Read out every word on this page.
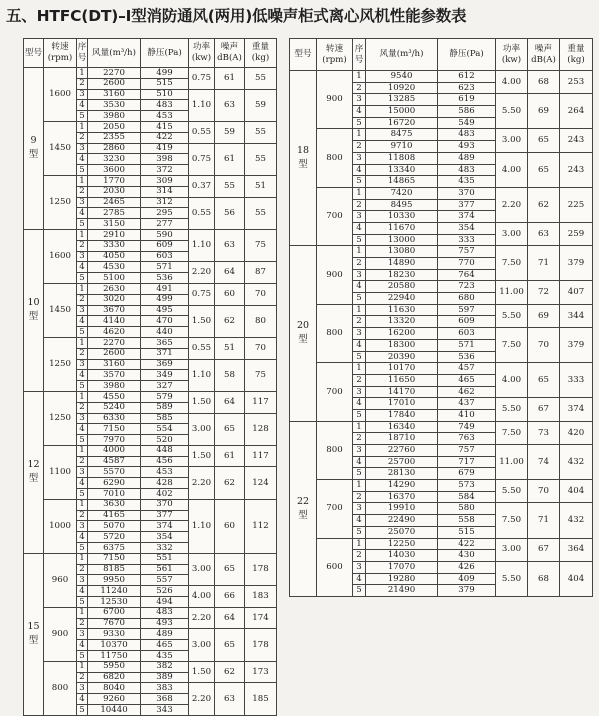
五、HTFC(DT)–Ⅰ型消防通风(两用)低噪声柜式离心风机性能参数表
型号	转速
(rpm)	序
号	风量(m³/h)	静压(Pa)	功率
(kw)	噪声
dB(A)	重量
(kg)
9
型	1600	1	2270	499	0.75	61	55
		2	2600	515			
		3	3160	510	1.10	63	59
		4	3530	483			
		5	3980	453			
	1450	1	2050	415	0.55	59	55
		2	2355	422			
		3	2860	419	0.75	61	55
		4	3230	398			
		5	3600	372			
	1250	1	1770	309	0.37	55	51
		2	2030	314			
		3	2465	312	0.55	56	55
		4	2785	295			
		5	3150	277			
10
型	1600	1	2910	590	1.10	63	75
		2	3330	609			
		3	4050	603			
		4	4530	571	2.20	64	87
		5	5100	536			
	1450	1	2630	491	0.75	60	70
		2	3020	499			
		3	3670	495	1.50	62	80
		4	4140	470			
		5	4620	440			
	1250	1	2270	365	0.55	51	70
		2	2600	371			
		3	3160	369	1.10	58	75
		4	3570	349			
		5	3980	327			
12
型	1250	1	4550	579	1.50	64	117
		2	5240	589			
		3	6330	585	3.00	65	128
		4	7150	554			
		5	7970	520			
	1100	1	4000	448	1.50	61	117
		2	4587	456			
		3	5570	453	2.20	62	124
		4	6290	428			
		5	7010	402			
	1000	1	3630	370	1.10	60	112
		2	4165	377			
		3	5070	374			
		4	5720	354			
		5	6375	332			
15
型	960	1	7150	551	3.00	65	178
		2	8185	561			
		3	9950	557			
		4	11240	526	4.00	66	183
		5	12530	494			
	900	1	6700	483	2.20	64	174
		2	7670	493			
		3	9330	489	3.00	65	178
		4	10370	465			
		5	11750	435			
	800	1	5950	382	1.50	62	173
		2	6820	389			
		3	8040	383	2.20	63	185
		4	9260	368			
		5	10440	343			
型号	转速
(rpm)	序
号	风量(m³/h)	静压(Pa)	功率
(kw)	噪声
dB(A)	重量
(kg)
18
型	900	1	9540	612	4.00	68	253
		2	10920	623			
		3	13285	619	5.50	69	264
		4	15000	586			
		5	16720	549			
	800	1	8475	483	3.00	65	243
		2	9710	493			
		3	11808	489	4.00	65	243
		4	13340	483			
		5	14865	435			
	700	1	7420	370	2.20	62	225
		2	8495	377			
		3	10330	374			
		4	11670	354	3.00	63	259
		5	13000	333			
20
型	900	1	13080	757	7.50	71	379
		2	14890	770			
		3	18230	764			
		4	20580	723	11.00	72	407
		5	22940	680			
	800	1	11630	597	5.50	69	344
		2	13320	609			
		3	16200	603	7.50	70	379
		4	18300	571			
		5	20390	536			
	700	1	10170	457	4.00	65	333
		2	11650	465			
		3	14170	462			
		4	17010	437	5.50	67	374
		5	17840	410			
22
型	800	1	16340	749	7.50	73	420
		2	18710	763			
		3	22760	757	11.00	74	432
		4	25700	717			
		5	28130	679			
	700	1	14290	573	5.50	70	404
		2	16370	584			
		3	19910	580	7.50	71	432
		4	22490	558			
		5	25070	515			
	600	1	12250	422	3.00	67	364
		2	14030	430			
		3	17070	426	5.50	68	404
		4	19280	409			
		5	21490	379			
